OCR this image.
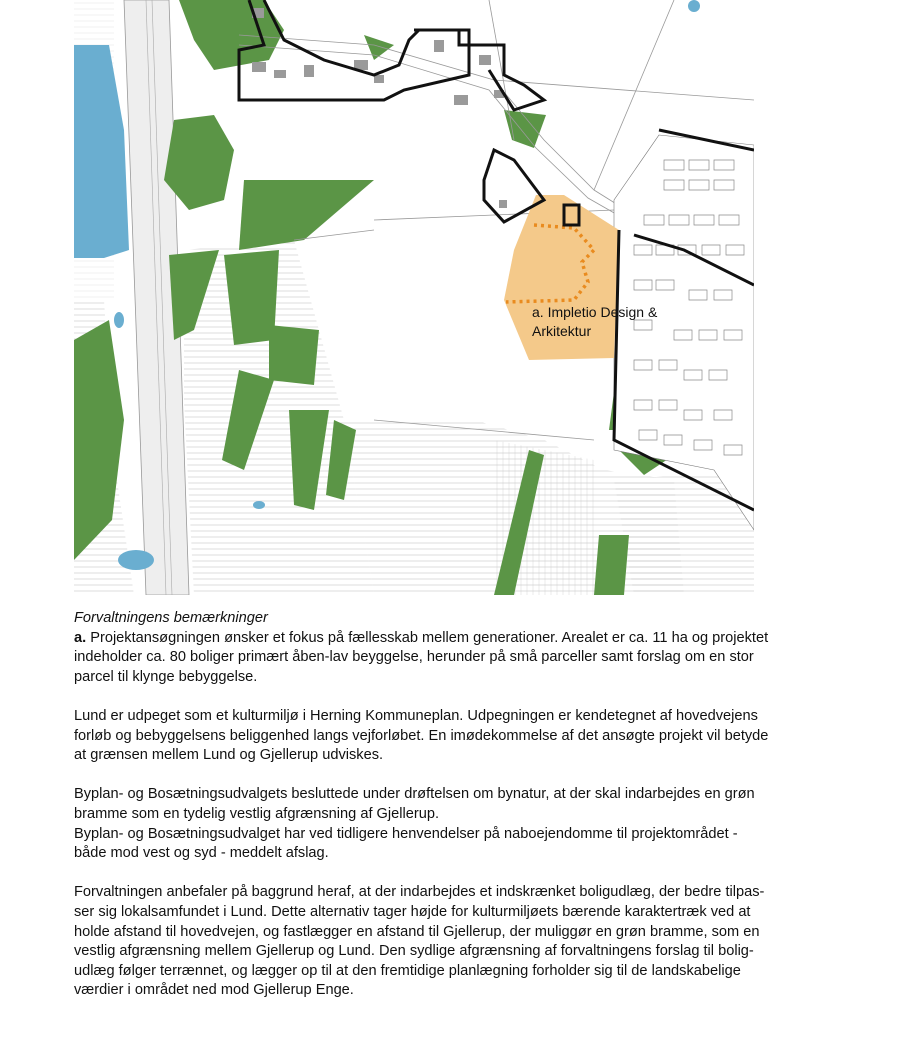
a. Impletio Design &
Arkitektur

Forvaltningens bemærkninger

a. Projektansøgningen ønsker et fokus på fællesskab mellem generationer. Arealet er ca. 11 ha og projektet
indeholder ca. 80 boliger primært åben-lav beyggelse, herunder på små parceller samt forslag om en stor
parcel til klynge bebyggelse.

Lund er udpeget som et kulturmiljø i Herning Kommuneplan. Udpegningen er kendetegnet af hovedvejens
forløb og bebyggelsens beliggenhed langs vejforløbet. En imødekommelse af det ansøgte projekt vil betyde
at grænsen mellem Lund og Gjellerup udviskes.

Byplan- og Bosætningsudvalgets besluttede under drøftelsen om bynatur, at der skal indarbejdes en grøn
bramme som en tydelig vestlig afgrænsning af Gjellerup.
Byplan- og Bosætningsudvalget har ved tidligere henvendelser på naboejendomme til projektområdet -
både mod vest og syd - meddelt afslag.

Forvaltningen anbefaler på baggrund heraf, at der indarbejdes et indskrænket boligudlæg, der bedre tilpas-
ser sig lokalsamfundet i Lund. Dette alternativ tager højde for kulturmiljøets bærende karaktertræk ved at
holde afstand til hovedvejen, og fastlægger en afstand til Gjellerup, der muliggør en grøn bramme, som en
vestlig afgrænsning mellem Gjellerup og Lund. Den sydlige afgrænsning af forvaltningens forslag til bolig-
udlæg følger terrænnet, og lægger op til at den fremtidige planlægning forholder sig til de landskabelige
værdier i området ned mod Gjellerup Enge.
